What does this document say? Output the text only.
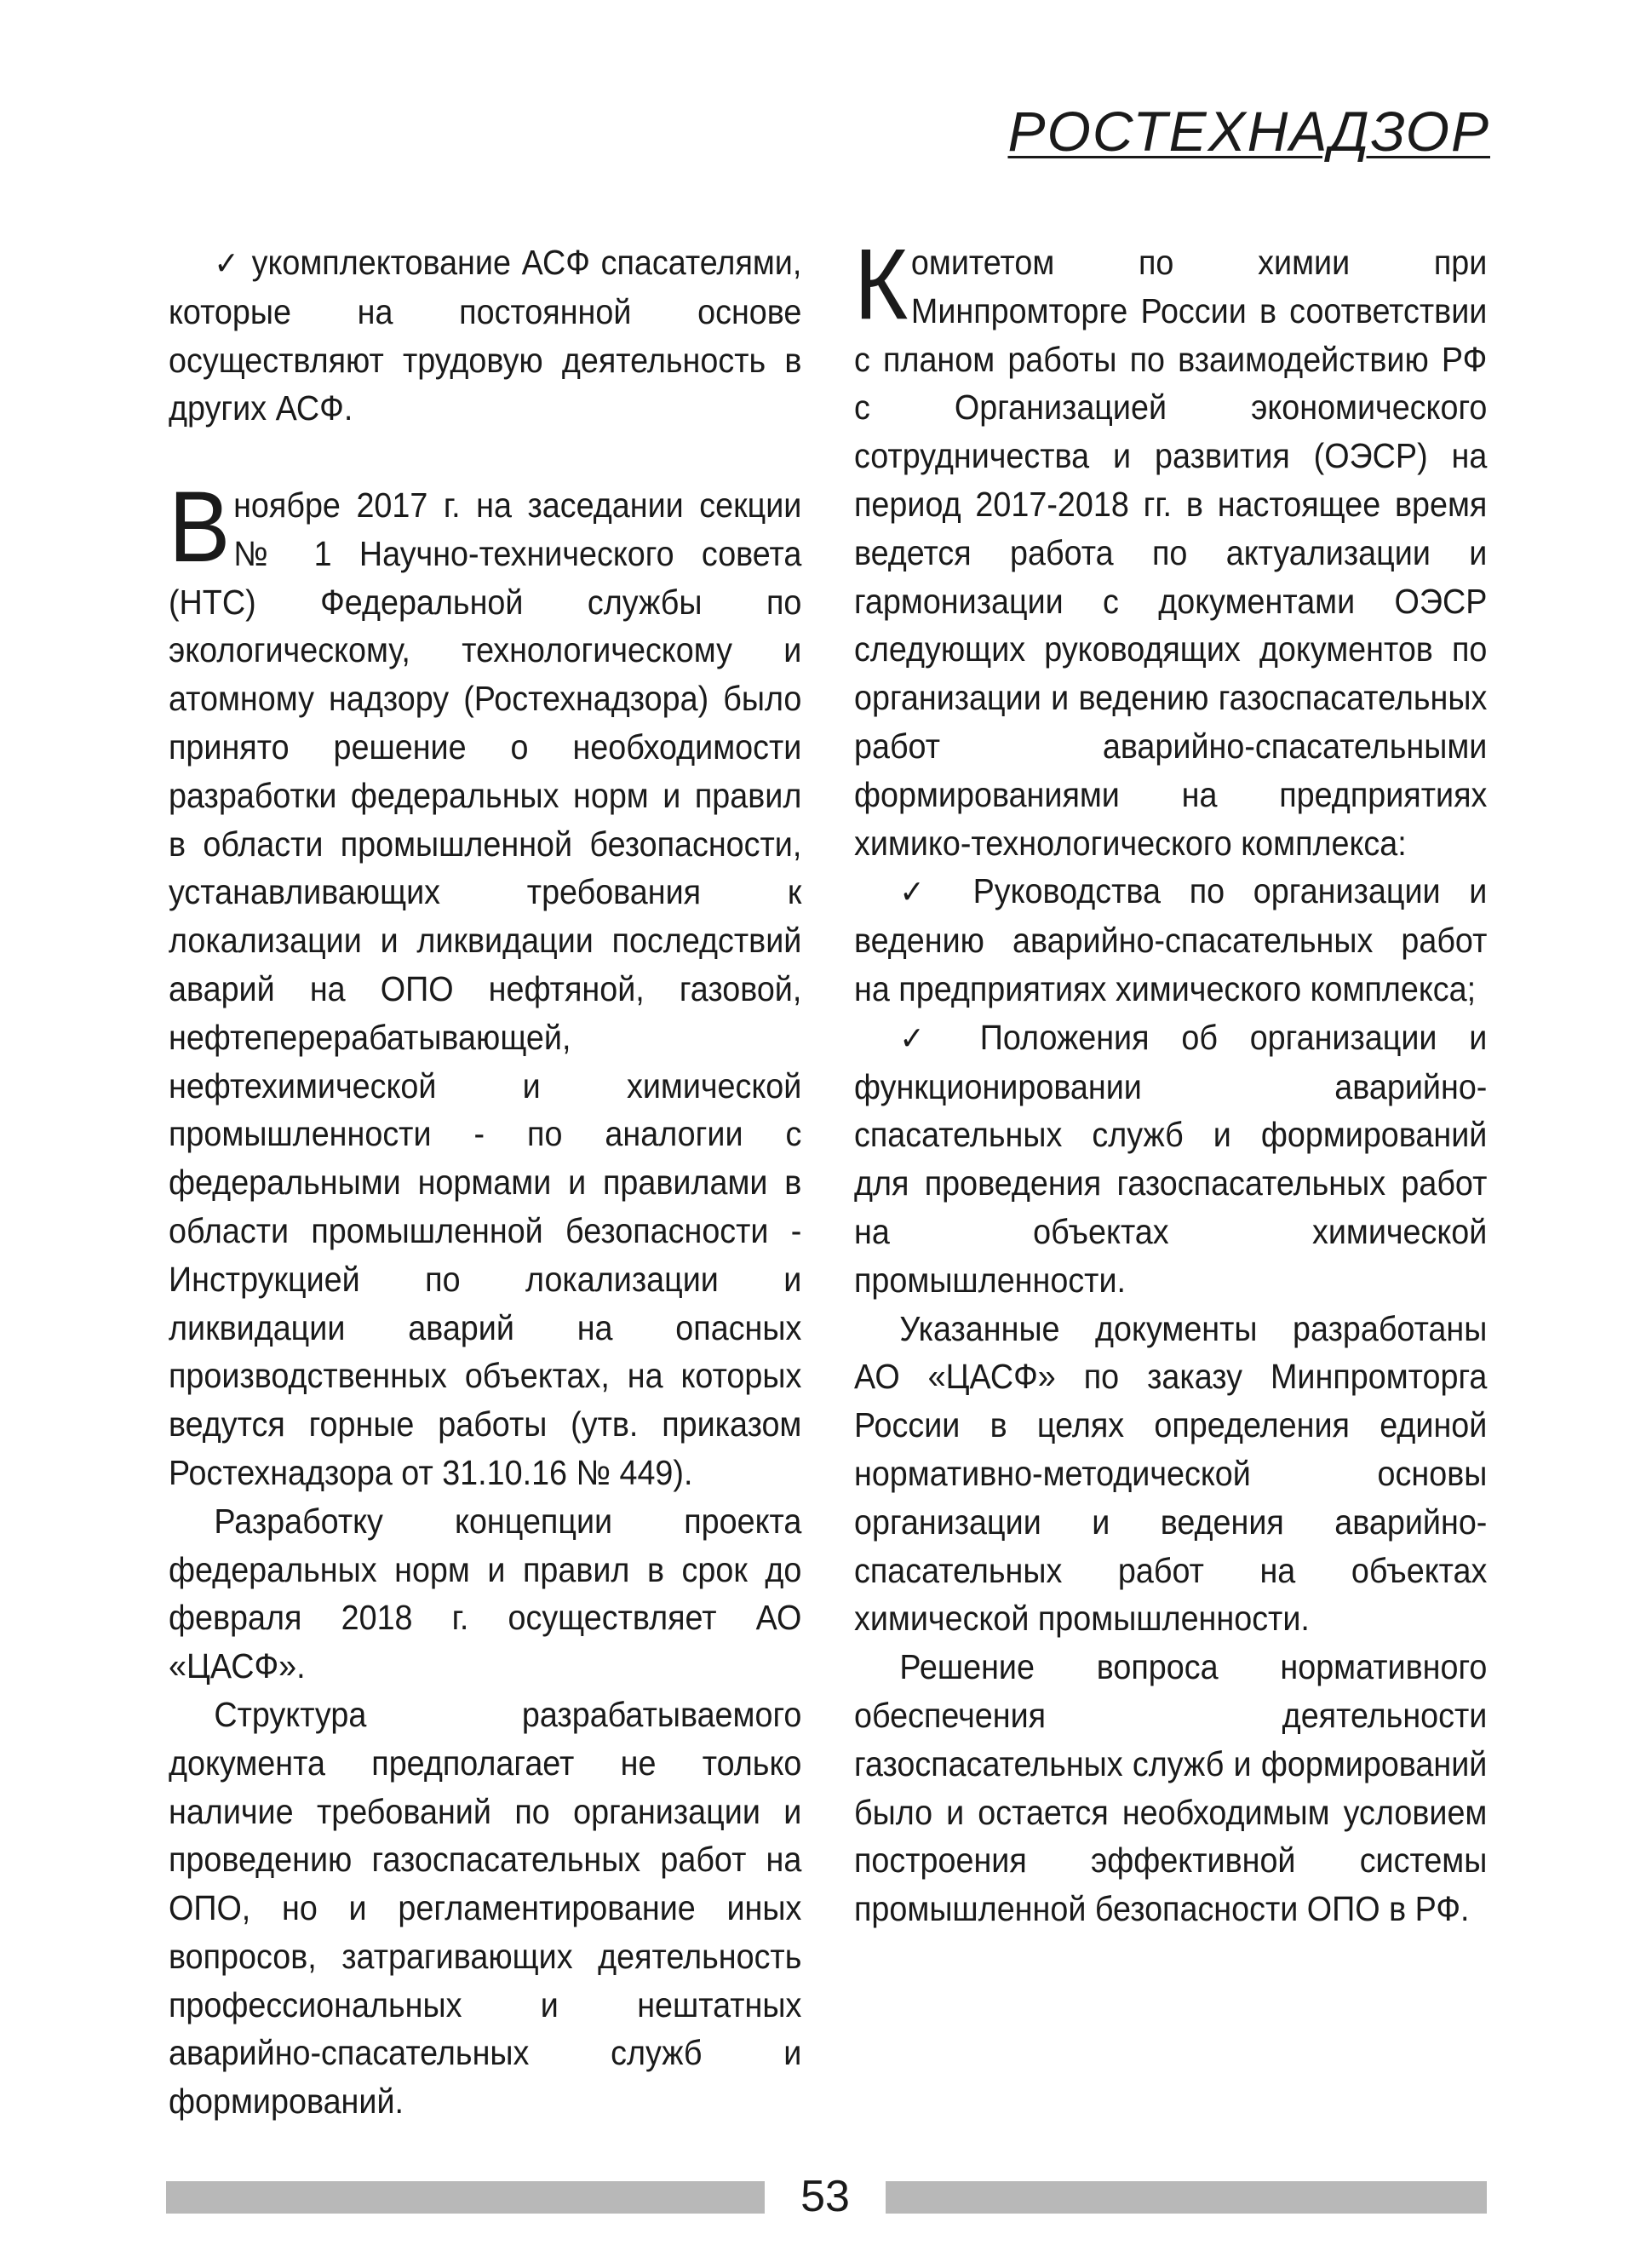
РОСТЕХНАДЗОР

✓ укомплектование АСФ спасателями, которые на постоянной основе осуществляют трудовую деятельность в других АСФ.

Вноябре 2017 г. на заседании секции № 1 Научно-технического совета (НТС) Федеральной службы по экологическому, технологическому и атомному надзору (Ростехнадзора) было принято решение о необходимости разработки федеральных норм и правил в области промышленной безопасности, устанавливающих требования к локализации и ликвидации последствий аварий на ОПО нефтяной, газовой, нефтеперерабатывающей, нефтехимической и химической промышленности - по аналогии с федеральными нормами и правилами в области промышленной безопасности - Инструкцией по локализации и ликвидации аварий на опасных производственных объектах, на которых ведутся горные работы (утв. приказом Ростехнадзора от 31.10.16 № 449).

Разработку концепции проекта федеральных норм и правил в срок до февраля 2018 г. осуществляет АО «ЦАСФ».

Структура разрабатываемого документа предполагает не только наличие требований по организации и проведению газоспасательных работ на ОПО, но и регламентирование иных вопросов, затрагивающих деятельность профессиональных и нештатных аварийно-спасательных служб и формирований.

Комитетом по химии при Минпромторге России в соответствии с планом работы по взаимодействию РФ с Организацией экономического сотрудничества и развития (ОЭСР) на период 2017-2018 гг. в настоящее время ведется работа по актуализации и гармонизации с документами ОЭСР следующих руководящих документов по организации и ведению газоспасательных работ аварийно-спасательными формированиями на предприятиях химико-технологического комплекса:

✓ Руководства по организации и ведению аварийно-спасательных работ на предприятиях химического комплекса;

✓ Положения об организации и функционировании аварийно-спасательных служб и формирований для проведения газоспасательных работ на объектах химической промышленности.

Указанные документы разработаны АО «ЦАСФ» по заказу Минпромторга России в целях определения единой нормативно-методической основы организации и ведения аварийно-спасательных работ на объектах химической промышленности.

Решение вопроса нормативного обеспечения деятельности газоспасательных служб и формирований было и остается необходимым условием построения эффективной системы промышленной безопасности ОПО в РФ.

53
